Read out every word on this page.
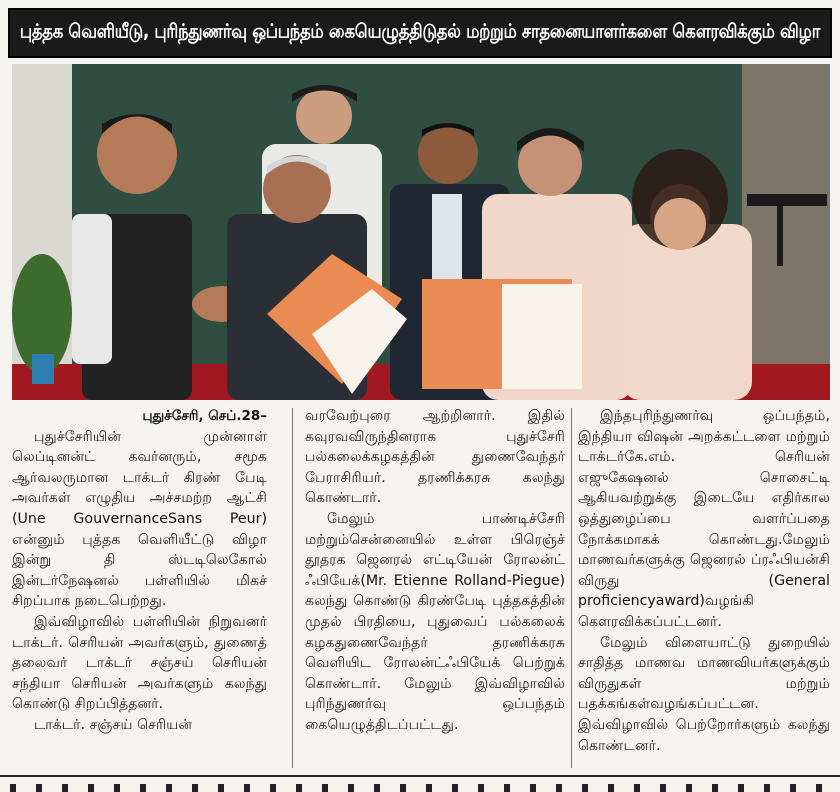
புத்தக வெளியீடு, புரிந்துணர்வு ஒப்பந்தம் கையெழுத்திடுதல் மற்றும் சாதனையாளர்களை கௌரவிக்கும் விழா
புதுச்சேரி, செப்.28–

புதுச்சேரியின் முன்னாள் லெப்டினன்ட் கவர்னரும், சமூக ஆர்வலருமான டாக்டர் கிரண் பேடி அவர்கள் எழுதிய அச்சமற்ற ஆட்சி (Une GouvernanceSans Peur) என்னும் புத்தக வெளியீட்டு விழா இன்று தி ஸ்டடிலெகோல் இன்டர்நேஷனல் பள்ளியில் மிகச் சிறப்பாக நடைபெற்றது.

இவ்விழாவில் பள்ளியின் நிறுவனர் டாக்டர். செரியன் அவர்களும், துணைத் தலைவர் டாக்டர் சஞ்சய் செரியன் சந்தியா செரியன் அவர்களும் கலந்து கொண்டு சிறப்பித்தனர்.

டாக்டர். சஞ்சய் செரியன்

வரவேற்புரை ஆற்றினார். இதில் கவுரவவிருந்தினராக புதுச்சேரி பல்கலைக்கழகத்தின் துணைவேந்தர் பேராசிரியர். தரணிக்கரசு கலந்து கொண்டார்.

மேலும் பாண்டிச்சேரி மற்றும்சென்னையில் உள்ள பிரெஞ்ச் தூதரக ஜெனரல் எட்டியேன் ரோலன்ட் ஃபியேக்(Mr. Etienne Rolland-Piegue) கலந்து கொண்டு கிரண்பேடி புத்தகத்தின் முதல் பிரதியை, புதுவைப் பல்கலைக் கழகதுணைவேந்தர் தரணிக்கரசு வெளியிட ரோலன்ட்ஃபியேக் பெற்றுக் கொண்டார். மேலும் இவ்விழாவில் புரிந்துணர்வு ஒப்பந்தம் கையெழுத்திடப்பட்டது.

இந்தபுரிந்துணர்வு ஒப்பந்தம், இந்தியா விஷன் அறக்கட்டளை மற்றும் டாக்டர்கே.எம். செரியன் எஜுகேஷனல் சொசைட்டி ஆகியவற்றுக்கு இடையே எதிர்கால ஒத்துழைப்பை வளர்ப்பதை நோக்கமாகக் கொண்டது.மேலும் மாணவர்களுக்கு ஜெனரல் ப்ரஃபியன்சி விருது (General proficiencyaward)வழங்கி கௌரவிக்கப்பட்டனர்.

மேலும் விளையாட்டு துறையில் சாதித்த மாணவ மாணவியர்களுக்கும் விருதுகள் மற்றும் பதக்கங்கள்வழங்கப்பட்டன. இவ்விழாவில் பெற்றோர்களும் கலந்து கொண்டனர்.
